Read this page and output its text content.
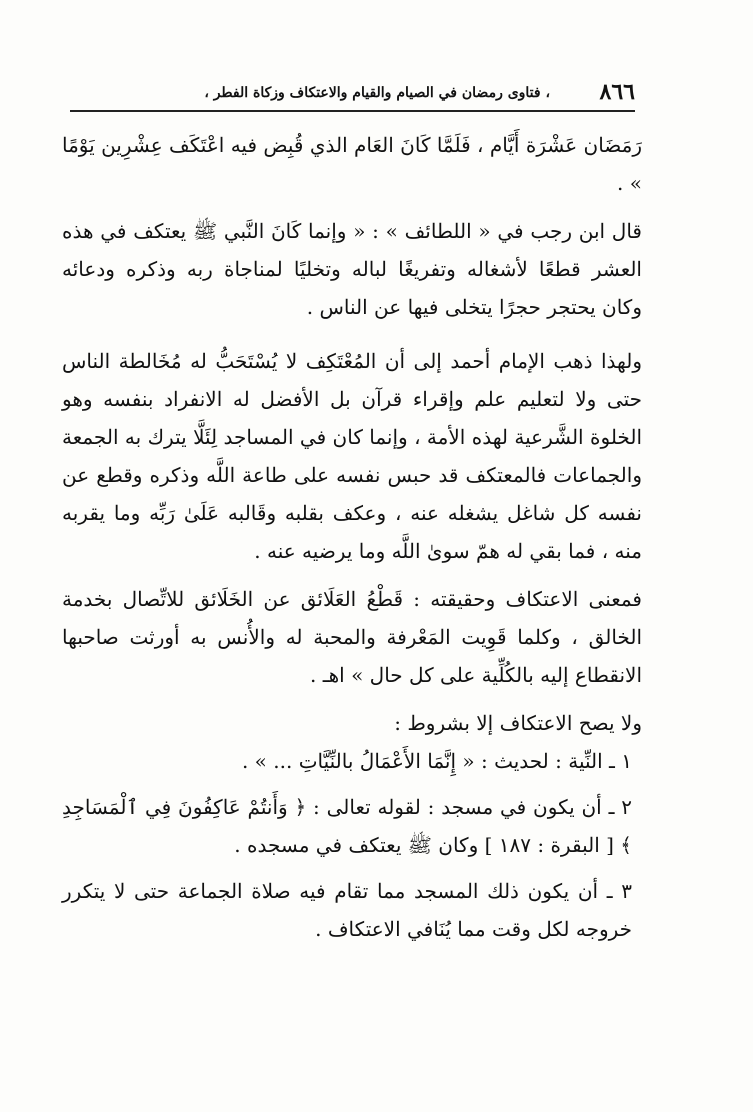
٨٦٦
، فتاوى رمضان في الصيام والقيام والاعتكاف وزكاة الفطر ،

رَمَضَان عَشْرَة أَيَّام ، فَلَمَّا كَانَ العَام الذي قُبِض فيه اعْتَكَف عِشْرِين يَوْمًا » .

قال ابن رجب في « اللطائف » : « وإنما كَانَ النَّبي ﷺ يعتكف في هذه العشر قطعًا لأشغاله وتفريغًا لباله وتخليًا لمناجاة ربه وذكره ودعائه وكان يحتجر حجرًا يتخلى فيها عن الناس .

ولهذا ذهب الإمام أحمد إلى أن المُعْتَكِف لا يُسْتَحَبُّ له مُخَالطة الناس حتى ولا لتعليم علم وإقراء قرآن بل الأفضل له الانفراد بنفسه وهو الخلوة الشَّرعية لهذه الأمة ، وإنما كان في المساجد لِئَلَّا يترك به الجمعة والجماعات فالمعتكف قد حبس نفسه على طاعة اللَّه وذكره وقطع عن نفسه كل شاغل يشغله عنه ، وعكف بقلبه وقَالبه عَلَىٰ رَبِّه وما يقربه منه ، فما بقي له همّ سوىٰ اللَّه وما يرضيه عنه .

فمعنى الاعتكاف وحقيقته : قَطْعُ العَلَائق عن الخَلَائق للاتِّصال بخدمة الخالق ، وكلما قَوِيت المَعْرفة والمحبة له والأُنس به أورثت صاحبها الانقطاع إليه بالكُلِّية على كل حال » اهـ .

ولا يصح الاعتكاف إلا بشروط :

١ ـ النِّية : لحديث : « إِنَّمَا الأَعْمَالُ بالنِّيَّاتِ ... » .

٢ ـ أن يكون في مسجد : لقوله تعالى : ﴿ وَأَنتُمْ عَاكِفُونَ فِي ٱلْمَسَاجِدِ ﴾ [ البقرة : ١٨٧ ] وكان ﷺ يعتكف في مسجده .

٣ ـ أن يكون ذلك المسجد مما تقام فيه صلاة الجماعة حتى لا يتكرر خروجه لكل وقت مما يُنَافي الاعتكاف .
